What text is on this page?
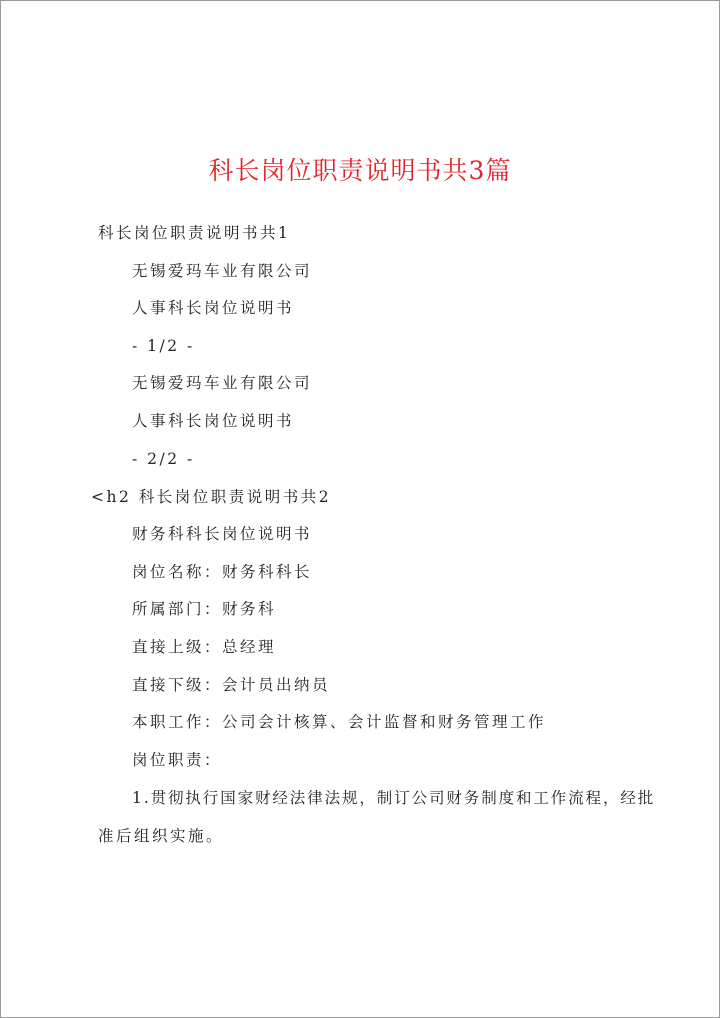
科长岗位职责说明书共3篇
科长岗位职责说明书共1
无锡爱玛车业有限公司
人事科长岗位说明书
- 1/2 -
无锡爱玛车业有限公司
人事科长岗位说明书
- 2/2 -
<h2 科长岗位职责说明书共2
财务科科长岗位说明书
岗位名称：财务科科长
所属部门：财务科
直接上级：总经理
直接下级：会计员出纳员
本职工作：公司会计核算、会计监督和财务管理工作
岗位职责：
1.贯彻执行国家财经法律法规，制订公司财务制度和工作流程，经批
准后组织实施。
